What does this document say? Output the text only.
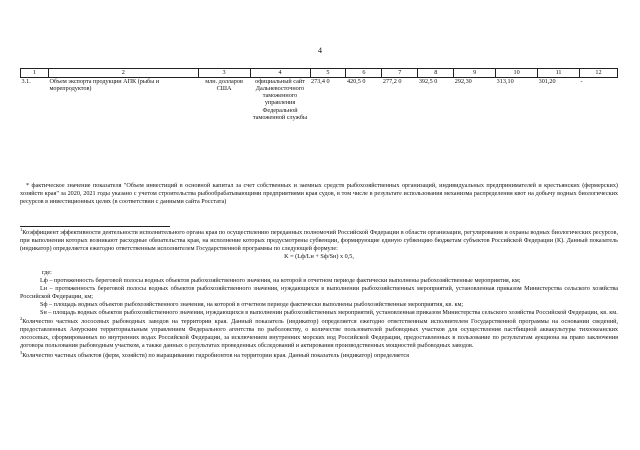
4
1	2	3	4	5	6	7	8	9	10	11	12
3.1.	Объем экспорта продукции АПК (рыбы и морепродуктов)	млн. долларов США	официальный сайт Дальневосточного таможенного управления Федеральной таможенной службы	273,4 0	420,5 0	277,2 0	392,5 0	292,30	313,10	301,20	-
* фактическое значение показателя "Объем инвестиций в основной капитал за счет собственных и заемных средств рыбохозяйственных организаций, индивидуальных предпринимателей и крестьянских (фермерских) хозяйств края" за 2020, 2021 годы указано с учетом строительства рыбообрабатывающими предприятиями края судов, в том числе в результате использования механизма распределения квот на добычу водных биологических ресурсов в инвестиционных целях (в соответствии с данными сайта Росстата)

$^1$Коэффициент эффективности деятельности исполнительного органа края по осуществлению переданных полномочий Российской Федерации в области организации, регулирования и охраны водных биологических ресурсов, при выполнении которых возникают расходные обязательства края, на исполнение которых предусмотрены субвенции, формирующие единую субвенцию бюджетам субъектов Российской Федерации (К). Данный показатель (индикатор) определяется ежегодно ответственным исполнителем Государственной программы по следующей формуле:

K = (Lф/Lн + Sф/Sн) x 0,5,

где:

Lф – протяженность береговой полосы водных объектов рыбохозяйственного значения, на которой в отчетном периоде фактически выполнены рыбохозяйственные мероприятия, км;

Lн – протяженность береговой полосы водных объектов рыбохозяйственного значения, нуждающихся в выполнении рыбохозяйственных мероприятий, установленная приказом Министерства сельского хозяйства Российской Федерации, км;

Sф – площадь водных объектов рыбохозяйственного значения, на которой в отчетном периоде фактически выполнены рыбохозяйственные мероприятия, кв. км;

Sн – площадь водных объектов рыбохозяйственного значения, нуждающихся в выполнении рыбохозяйственных мероприятий, установленная приказом Министерства сельского хозяйства Российской Федерации, кв. км.

$^2$Количество частных лососевых рыбоводных заводов на территории края. Данный показатель (индикатор) определяется ежегодно ответственным исполнителем Государственной программы на основании сведений, предоставленных Амурским территориальным управлением Федерального агентства по рыболовству, о количестве пользователей рыбоводных участков для осуществления пастбищной аквакультуры тихоокеанских лососевых, сформированных во внутренних водах Российской Федерации, за исключением внутренних морских вод Российской Федерации, предоставленных в пользование по результатам аукциона на право заключения договора пользования рыбоводным участком, а также данных о результатах проведенных обследований и актирования производственных мощностей рыбоводных заводов.

$^3$Количество частных объектов (ферм, хозяйств) по выращиванию гидробионтов на территории края. Данный показатель (индикатор) определяется
